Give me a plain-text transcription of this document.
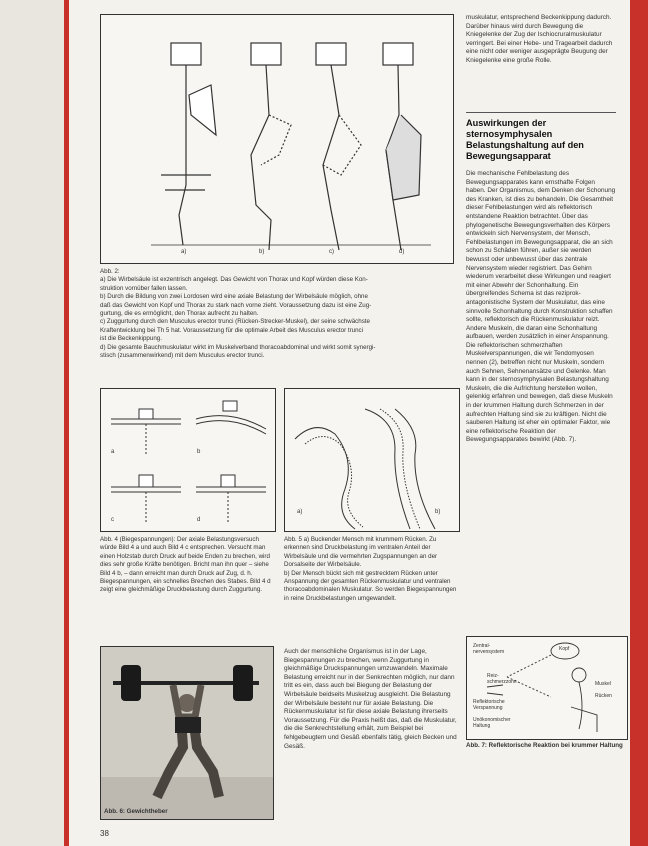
a)	b)	c)	d)
Abb. 2:
a) Die Wirbelsäule ist exzentrisch angelegt. Das Gewicht von Thorax und Kopf würden diese Kon-
struktion vornüber fallen lassen.
b) Durch die Bildung von zwei Lordosen wird eine axiale Belastung der Wirbelsäule möglich, ohne
daß das Gewicht von Kopf und Thorax zu stark nach vorne zieht. Voraussetzung dazu ist eine Zug-
gurtung, die es ermöglicht, den Thorax aufrecht zu halten.
c) Zuggurtung durch den Musculus erector trunci (Rücken-Strecker-Muskel), der seine schwächste
Kraftentwicklung bei Th 5 hat. Voraussetzung für die optimale Arbeit des Musculus erector trunci
ist die Beckenkippung.
d) Die gesamte Bauchmuskulatur wirkt im Muskelverband thoracoabdominal und wirkt somit synergi-
stisch (zusammenwirkend) mit dem Musculus erector trunci.
a	b
c	d
Abb. 4 (Biegespannungen): Der axiale Belastungsversuch würde Bild 4 a und auch Bild 4 c entsprechen. Versucht man einen Holzstab durch Druck auf beide Enden zu brechen, wird dies sehr große Kräfte benötigen. Bricht man ihn quer – siehe Bild 4 b, – dann erreicht man durch Druck auf Zug, d. h. Biegespannungen, ein schnelles Brechen des Stabes. Bild 4 d zeigt eine gleichmäßige Druckbelastung durch Zuggurtung.
a)	b)
Abb. 5 a) Buckender Mensch mit krummem Rücken. Zu erkennen sind Druckbelastung im ventralen Anteil der Wirbelsäule und die vermehrten Zugspannungen an der Dorsalseite der Wirbelsäule.
b) Der Mensch bückt sich mit gestrecktem Rücken unter Anspannung der gesamten Rückenmuskulatur und ventralen thoracoabdominalen Muskulatur. So werden Biegespannungen in reine Druckbelastungen umgewandelt.
Abb. 6: Gewichtheber
Auch der menschliche Organismus ist in der Lage, Biegespannungen zu brechen, wenn Zuggurtung in gleichmäßige Druckspannungen umzuwandeln. Maximale Belastung erreicht nur in der Senkrechten möglich, nur dann tritt es ein, dass auch bei Biegung der Belastung der Wirbelsäule beidseits Muskelzug ausgleicht. Die Belastung der Wirbelsäule besteht nur für axiale Belastung. Die Rückenmuskulatur ist für diese axiale Belastung ihrerseits Voraussetzung. Für die Praxis heißt das, daß die Muskulatur, die die Senkrechtstellung erhält, zum Beispiel bei fehlgebeugtem und Gesäß ebenfalls tätig, gleich Becken und Gesäß.
muskulatur, entsprechend Beckenkippung dadurch. Darüber hinaus wird durch Bewegung die Kniegelenke der Zug der Ischiocruralmuskulatur verringert. Bei einer Hebe- und Tragearbeit dadurch eine nicht oder weniger ausgeprägte Beugung der Kniegelenke eine große Rolle.
Auswirkungen der sternosymphysalen Belastungshaltung auf den Bewegungsapparat
Die mechanische Fehlbelastung des Bewegungsapparates kann ernsthafte Folgen haben. Der Organismus, dem Denken der Schonung des Kranken, ist dies zu behandeln. Die Gesamtheit dieser Fehlbelastungen wird als reflektorisch entstandene Reaktion betrachtet. Über das phylogenetische Bewegungsverhalten des Körpers entwickeln sich Nervensystem, der Mensch, Fehlbelastungen im Bewegungsapparat, die an sich schon zu Schäden führen, außer sie werden bewusst oder unbewusst über das zentrale Nervensystem wieder registriert. Das Gehirn wiederum verarbeitet diese Wirkungen und reagiert mit einer Abwehr der Schonhaltung. Ein übergreifendes Schema ist das reziprok-antagonistische System der Muskulatur, das eine sinnvolle Schonhaltung durch Konstruktion schaffen sollte, reflektorisch die Rückenmuskulatur reizt. Andere Muskeln, die daran eine Schonhaltung aufbauen, werden zusätzlich in einer Anspannung. Die reflektorischen schmerzhaften Muskelverspannungen, die wir Tendomyosen nennen (2), betreffen nicht nur Muskeln, sondern auch Sehnen, Sehnenansätze und Gelenke. Man kann in der sternosymphysalen Belastungshaltung Muskeln, die die Aufrichtung herstellen wollen, gelenkig erfahren und bewegen, daß diese Muskeln in der krummen Haltung durch Schmerzen in der aufrechten Haltung sind sie zu kräftigen. Nicht die sauberen Haltung ist eher ein optimaler Faktor, wie eine reflektorische Reaktion der Bewegungsapparates bewirkt (Abb. 7).
Kopf
Zentral-
nervensystem
Reiz-
schmerzzone
Reflektorische
Verspannung
Unökonomischer
Haltung
Muskel
Rücken
Abb. 7: Reflektorische Reaktion bei krummer Haltung
38
